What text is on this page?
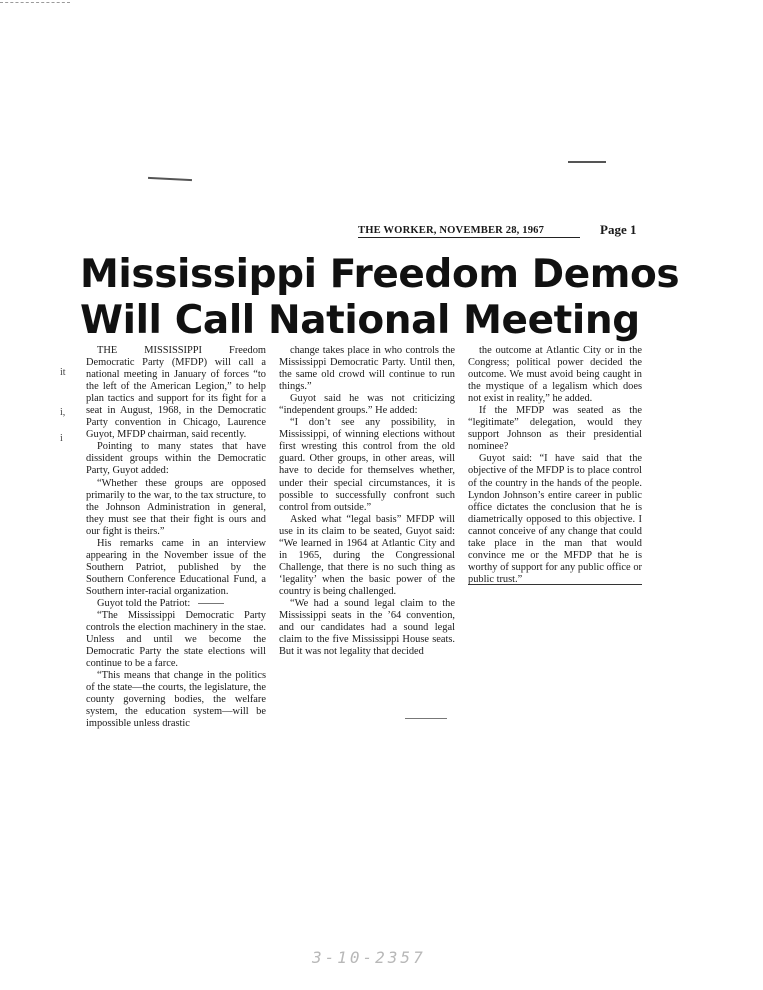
THE WORKER, NOVEMBER 28, 1967	Page 1
Mississippi Freedom Demos
Will Call National Meeting
it
i,
i

THE MISSISSIPPI Freedom Democratic Party (MFDP) will call a national meeting in January of forces “to the left of the American Legion,” to help plan tactics and support for its fight for a seat in August, 1968, in the Democratic Party convention in Chicago, Laurence Guyot, MFDP chairman, said recently.

Pointing to many states that have dissident groups within the Democratic Party, Guyot added:

“Whether these groups are opposed primarily to the war, to the tax structure, to the Johnson Administration in general, they must see that their fight is ours and our fight is theirs.”

His remarks came in an interview appearing in the November issue of the Southern Patriot, published by the Southern Conference Educational Fund, a Southern inter-racial organization.

Guyot told the Patriot:

“The Mississippi Democratic Party controls the election machinery in the stae. Unless and until we become the Democratic Party the state elections will continue to be a farce.

“This means that change in the politics of the state—the courts, the legislature, the county governing bodies, the welfare system, the education system—will be impossible unless drastic

change takes place in who controls the Mississippi Democratic Party. Until then, the same old crowd will continue to run things.”

Guyot said he was not criticizing “independent groups.” He added:

“I don’t see any possibility, in Mississippi, of winning elections without first wresting this control from the old guard. Other groups, in other areas, will have to decide for themselves whether, under their special circumstances, it is possible to successfully confront such control from outside.”

Asked what “legal basis” MFDP will use in its claim to be seated, Guyot said: “We learned in 1964 at Atlantic City and in 1965, during the Congressional Challenge, that there is no such thing as ‘legality’ when the basic power of the country is being challenged.

“We had a sound legal claim to the Mississippi seats in the ’64 convention, and our candidates had a sound legal claim to the five Mississippi House seats. But it was not legality that decided

the outcome at Atlantic City or in the Congress; political power decided the outcome. We must avoid being caught in the mystique of a legalism which does not exist in reality,” he added.

If the MFDP was seated as the “legitimate” delegation, would they support Johnson as their presidential nominee?

Guyot said: “I have said that the objective of the MFDP is to place control of the country in the hands of the people. Lyndon Johnson’s entire career in public office dictates the conclusion that he is diametrically opposed to this objective. I cannot conceive of any change that could take place in the man that would convince me or the MFDP that he is worthy of support for any public office or public trust.”

3-10-2357
